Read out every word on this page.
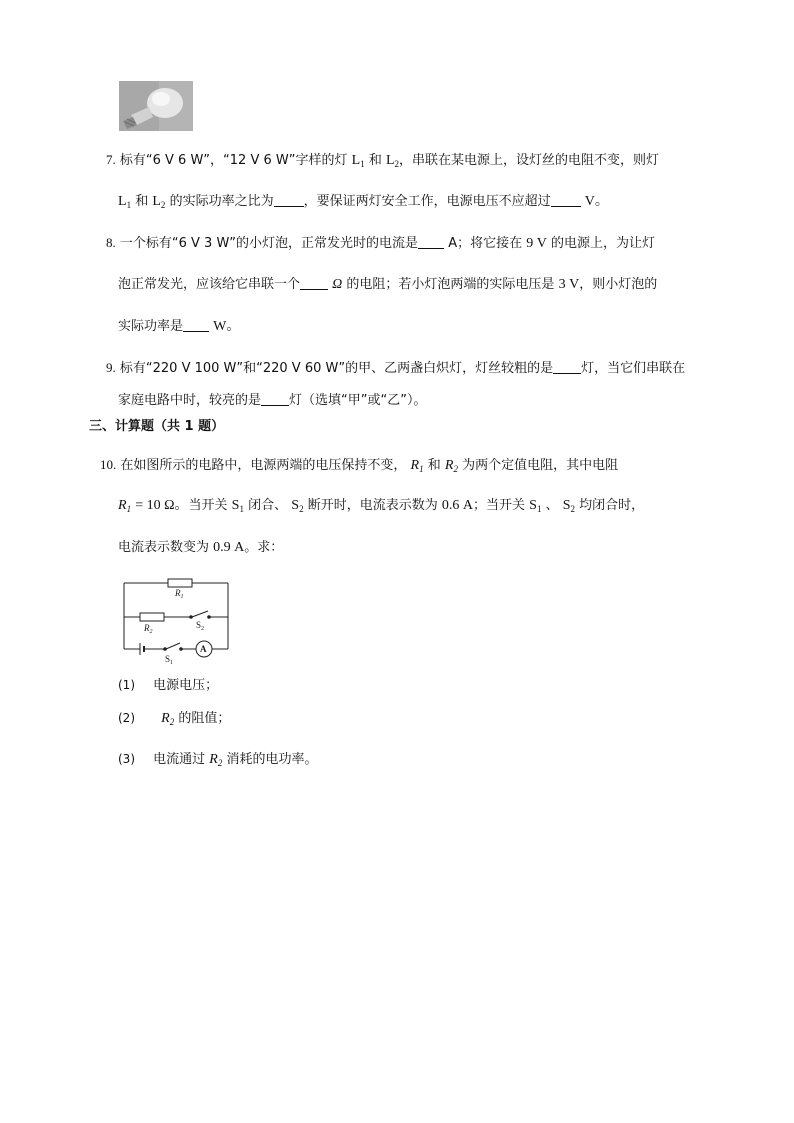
7. 标有“6 V 6 W”，“12 V 6 W”字样的灯 $L_1$ 和 $L_2$，串联在某电源上，设灯丝的电阻不变，则灯
$L_1$ 和 $L_2$ 的实际功率之比为 ，要保证两灯安全工作，电源电压不应超过 V。
8. 一个标有“6 V 3 W”的小灯泡，正常发光时的电流是 A；将它接在 9 V 的电源上，为让灯
泡正常发光，应该给它串联一个 Ω 的电阻；若小灯泡两端的实际电压是 3 V，则小灯泡的
实际功率是 W。
9. 标有“220 V 100 W”和“220 V 60 W”的甲、乙两盏白炽灯，灯丝较粗的是 灯，当它们串联在
家庭电路中时，较亮的是 灯（选填“甲”或“乙”）。
三、计算题（共 1 题）
10. 在如图所示的电路中，电源两端的电压保持不变， $R_1$ 和 $R_2$ 为两个定值电阻，其中电阻
$R_1 = 10$ Ω。当开关 $S_1$ 闭合、 $S_2$ 断开时，电流表示数为 0.6 A；当开关 $S_1$ 、 $S_2$ 均闭合时，
电流表示数变为 0.9 A。求：
$R_1$
$R_2$
$S_2$
$S_1$
A
(1) 电源电压；
(2) $R_2$ 的阻值；
(3) 电流通过 $R_2$ 消耗的电功率。
